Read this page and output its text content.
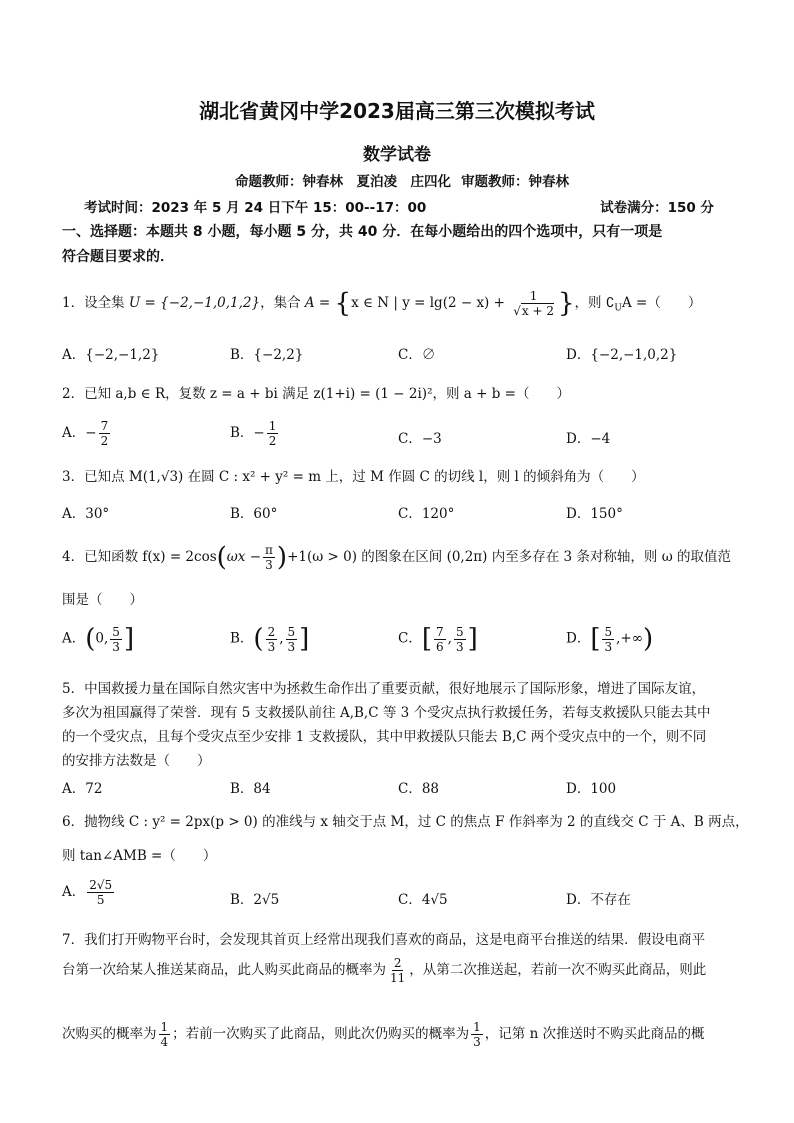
湖北省黄冈中学2023届高三第三次模拟考试
数学试卷
命题教师：钟春林　夏泊凌　庄四化 审题教师：钟春林
考试时间：2023 年 5 月 24 日下午 15：00--17：00	试卷满分：150 分
一、选择题：本题共 8 小题，每小题 5 分，共 40 分．在每小题给出的四个选项中，只有一项是
符合题目要求的．
1．设全集 U = {−2,−1,0,1,2}，集合 A = {x ∈ N | $y = \lg(2 - x) + \frac{1}{√x + 2}$ }，则 $∁_UA$ =（　　）
A．{−2,−1,2}	B．{−2,2}	C．∅	D．{−2,−1,0,2}
2．已知 a,b ∈ R，复数 z = a + bi 满足 z(1+i) = (1 − 2i)²，则 a + b =（　　）
A．− $\frac{7}{2}$	B．− $\frac{1}{2}$	C．−3	D．−4
3．已知点 M(1,√3) 在圆 C : x² + y² = m 上，过 M 作圆 C 的切线 l，则 l 的倾斜角为（　　）
A．30°	B．60°	C．120°	D．150°
4．已知函数 $f(x) = 2\cos(\omega x - \frac{\pi}{3} )+1(\omega > 0)$ 的图象在区间 (0,2π) 内至多存在 3 条对称轴，则 ω 的取值范
围是（　　）
A．(0, $\frac{5}{3}$ ]	B．( $\frac{2}{3}$ , $\frac{5}{3}$ ]	C．[ $\frac{7}{6}$ , $\frac{5}{3}$ ]	D．[ $\frac{5}{3}$ ,+∞)
5．中国救援力量在国际自然灾害中为拯救生命作出了重要贡献，很好地展示了国际形象，增进了国际友谊，
多次为祖国赢得了荣誉．现有 5 支救援队前往 A,B,C 等 3 个受灾点执行救援任务，若每支救援队只能去其中
的一个受灾点，且每个受灾点至少安排 1 支救援队，其中甲救援队只能去 B,C 两个受灾点中的一个，则不同
的安排方法数是（　　）
A．72	B．84	C．88	D．100
6．抛物线 C : y² = 2px(p > 0) 的准线与 x 轴交于点 M，过 C 的焦点 F 作斜率为 2 的直线交 C 于 A、B 两点，
则 tan∠AMB =（　　）
A． $\frac{2√5}{5}$	B．2√5	C．4√5	D．不存在
7．我们打开购物平台时，会发现其首页上经常出现我们喜欢的商品，这是电商平台推送的结果．假设电商平
台第一次给某人推送某商品，此人购买此商品的概率为 $\frac{2}{11}$ ，从第二次推送起，若前一次不购买此商品，则此
次购买的概率为 $\frac{1}{4}$ ；若前一次购买了此商品，则此次仍购买的概率为 $\frac{1}{3}$ ，记第 n 次推送时不购买此商品的概
